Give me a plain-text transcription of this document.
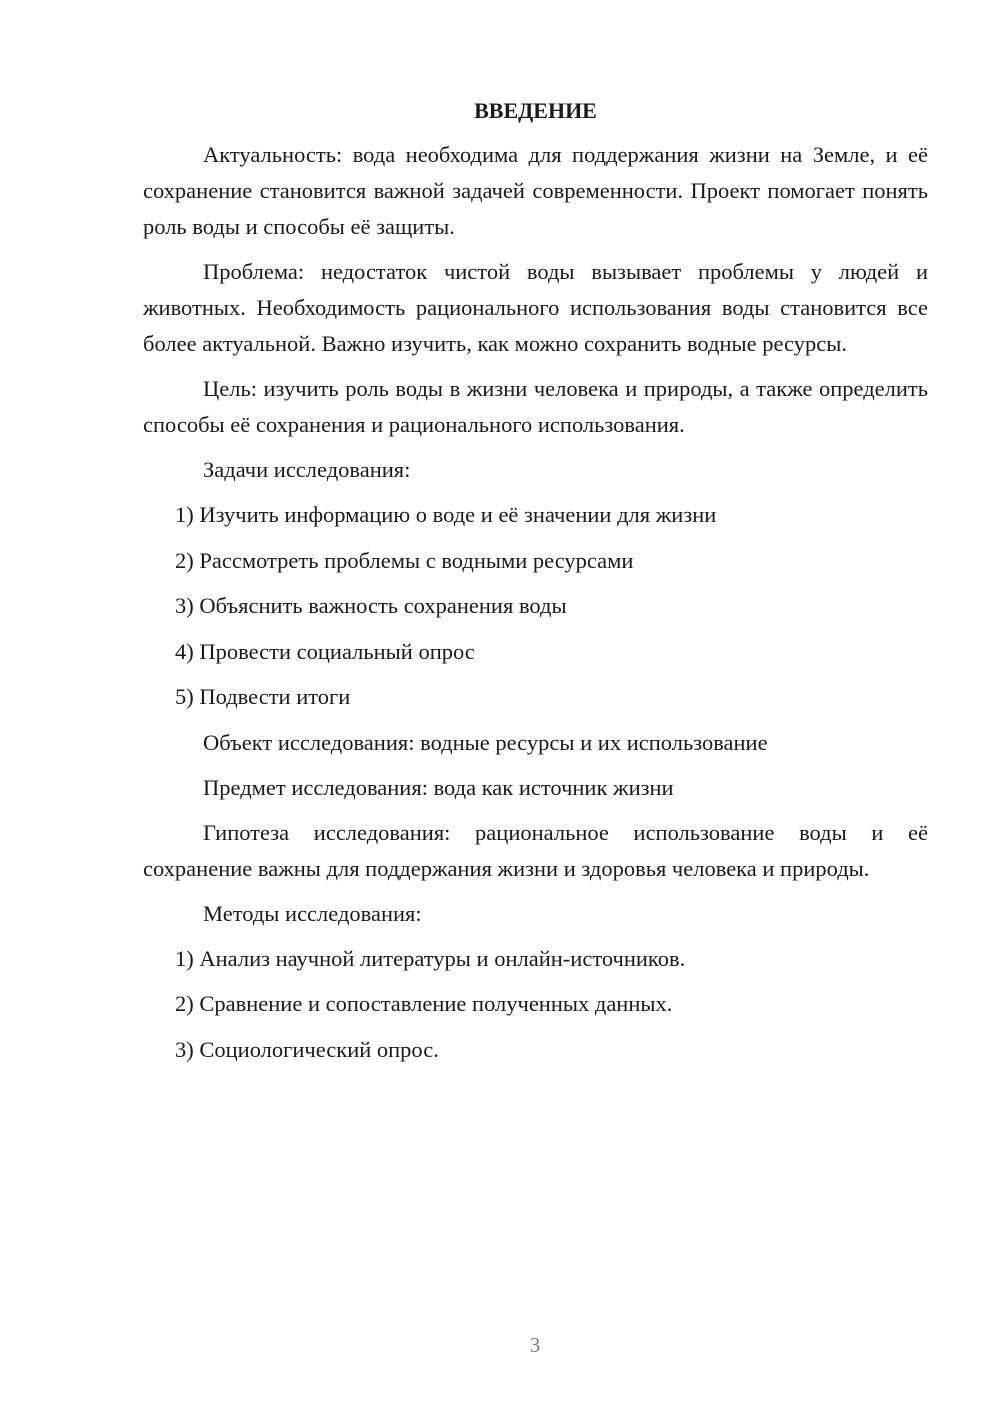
ВВЕДЕНИЕ

Актуальность: вода необходима для поддержания жизни на Земле, и её сохранение становится важной задачей современности. Проект помогает понять роль воды и способы её защиты.

Проблема: недостаток чистой воды вызывает проблемы у людей и животных. Необходимость рационального использования воды становится все более актуальной. Важно изучить, как можно сохранить водные ресурсы.

Цель: изучить роль воды в жизни человека и природы, а также определить способы её сохранения и рационального использования.

Задачи исследования:

1) Изучить информацию о воде и её значении для жизни
2) Рассмотреть проблемы с водными ресурсами
3) Объяснить важность сохранения воды
4) Провести социальный опрос
5) Подвести итоги

Объект исследования: водные ресурсы и их использование

Предмет исследования: вода как источник жизни

Гипотеза исследования: рациональное использование воды и её сохранение важны для поддержания жизни и здоровья человека и природы.

Методы исследования:

1) Анализ научной литературы и онлайн-источников.
2) Сравнение и сопоставление полученных данных.
3) Социологический опрос.
3
